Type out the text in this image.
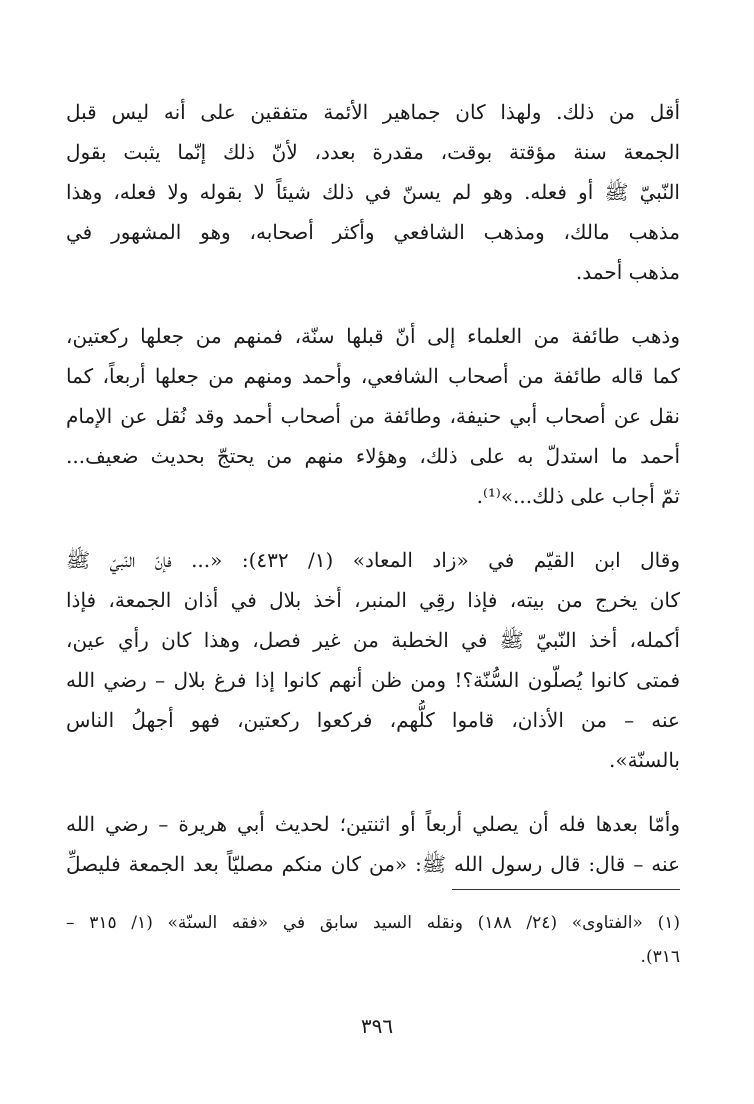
أقل من ذلك. ولهذا كان جماهير الأئمة متفقين على أنه ليس قبل
الجمعة سنة مؤقتة بوقت، مقدرة بعدد، لأنّ ذلك إنّما يثبت بقول
النّبيّ ﷺ أو فعله. وهو لم يسنّ في ذلك شيئاً لا بقوله ولا فعله، وهذا
مذهب مالك، ومذهب الشافعي وأكثر أصحابه، وهو المشهور في
مذهب أحمد.
وذهب طائفة من العلماء إلى أنّ قبلها سنّة، فمنهم من جعلها ركعتين،
كما قاله طائفة من أصحاب الشافعي، وأحمد ومنهم من جعلها أربعاً، كما
نقل عن أصحاب أبي حنيفة، وطائفة من أصحاب أحمد وقد نُقل عن الإمام
أحمد ما استدلّ به على ذلك، وهؤلاء منهم من يحتجّ بحديث ضعيف...
ثمّ أجاب على ذلك...»⁽¹⁾.
وقال ابن القيّم في «زاد المعاد» (١/ ٤٣٢): «... فإنّ النّبيّ ﷺ
كان يخرج من بيته، فإذا رقِي المنبر، أخذ بلال في أذان الجمعة، فإذا
أكمله، أخذ النّبيّ ﷺ في الخطبة من غير فصل، وهذا كان رأي عين،
فمتى كانوا يُصلّون السُّنّة؟! ومن ظن أنهم كانوا إذا فرغ بلال – رضي الله
عنه – من الأذان، قاموا كلُّهم، فركعوا ركعتين، فهو أجهلُ الناس
بالسنّة».
وأمّا بعدها فله أن يصلي أربعاً أو اثنتين؛ لحديث أبي هريرة – رضي الله
عنه – قال: قال رسول الله ﷺ: «من كان منكم مصليّاً بعد الجمعة فليصلِّ
(١) «الفتاوى» (٢٤/ ١٨٨) ونقله السيد سابق في «فقه السنّة» (١/ ٣١٥ –
٣١٦).
٣٩٦
